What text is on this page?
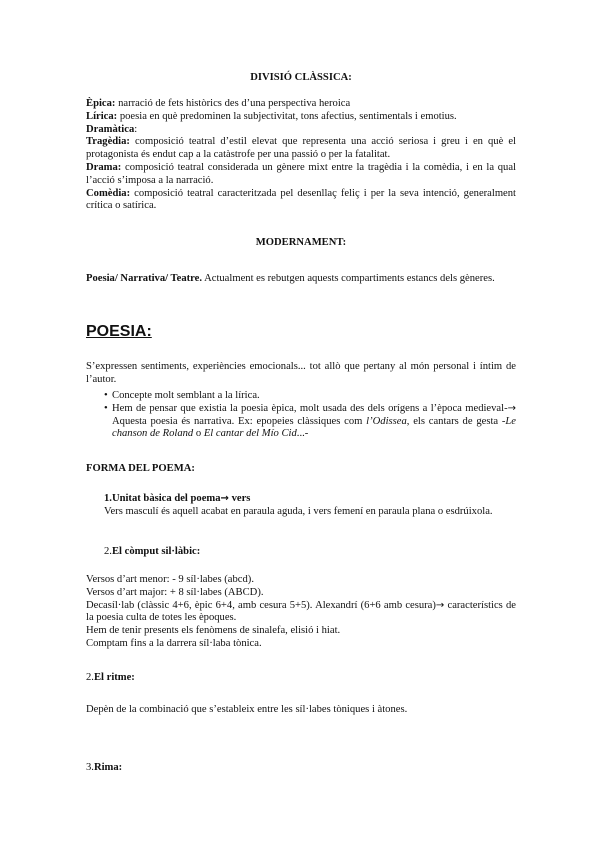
DIVISIÓ CLÀSSICA:
Èpica: narració de fets històrics des d’una perspectiva heroica
Lírica: poesia en què predominen la subjectivitat, tons afectius, sentimentals i emotius.
Dramàtica:
Tragèdia: composició teatral d’estil elevat que representa una acció seriosa i greu i en què el protagonista és endut cap a la catàstrofe per una passió o per la fatalitat.
Drama: composició teatral considerada un gènere mixt entre la tragèdia i la comèdia, i en la qual l’acció s’imposa a la narració.
Comèdia: composició teatral caracteritzada pel desenllaç feliç i per la seva intenció, generalment crítica o satírica.
MODERNAMENT:
Poesia/ Narrativa/ Teatre. Actualment es rebutgen aquests compartiments estancs dels gèneres.
POESIA:
S’expressen sentiments, experiències emocionals... tot allò que pertany al món personal i íntim de l’autor.
• Concepte molt semblant a la lírica.
• Hem de pensar que existia la poesia èpica, molt usada des dels orígens a l’època medieval-→ Aquesta poesia és narrativa. Ex: epopeies clàssiques com l’Odissea, els cantars de gesta -Le chanson de Roland o El cantar del Mío Cid...-
FORMA DEL POEMA:
1.Unitat bàsica del poema→ vers
Vers masculí és aquell acabat en paraula aguda, i vers femení en paraula plana o esdrúixola.
2.El còmput sil·làbic:
Versos d’art menor: - 9 síl·labes (abcd).
Versos d’art major: + 8 síl·labes (ABCD).
Decasíl·lab (clàssic 4+6, èpic 6+4, amb cesura 5+5). Alexandrí (6+6 amb cesura)→ característics de la poesia culta de totes les èpoques.
Hem de tenir presents els fenòmens de sinalefa, elisió i hiat.
Comptam fins a la darrera síl·laba tònica.
2.El ritme:
Depèn de la combinació que s’estableix entre les síl·labes tòniques i àtones.
3.Rima:
